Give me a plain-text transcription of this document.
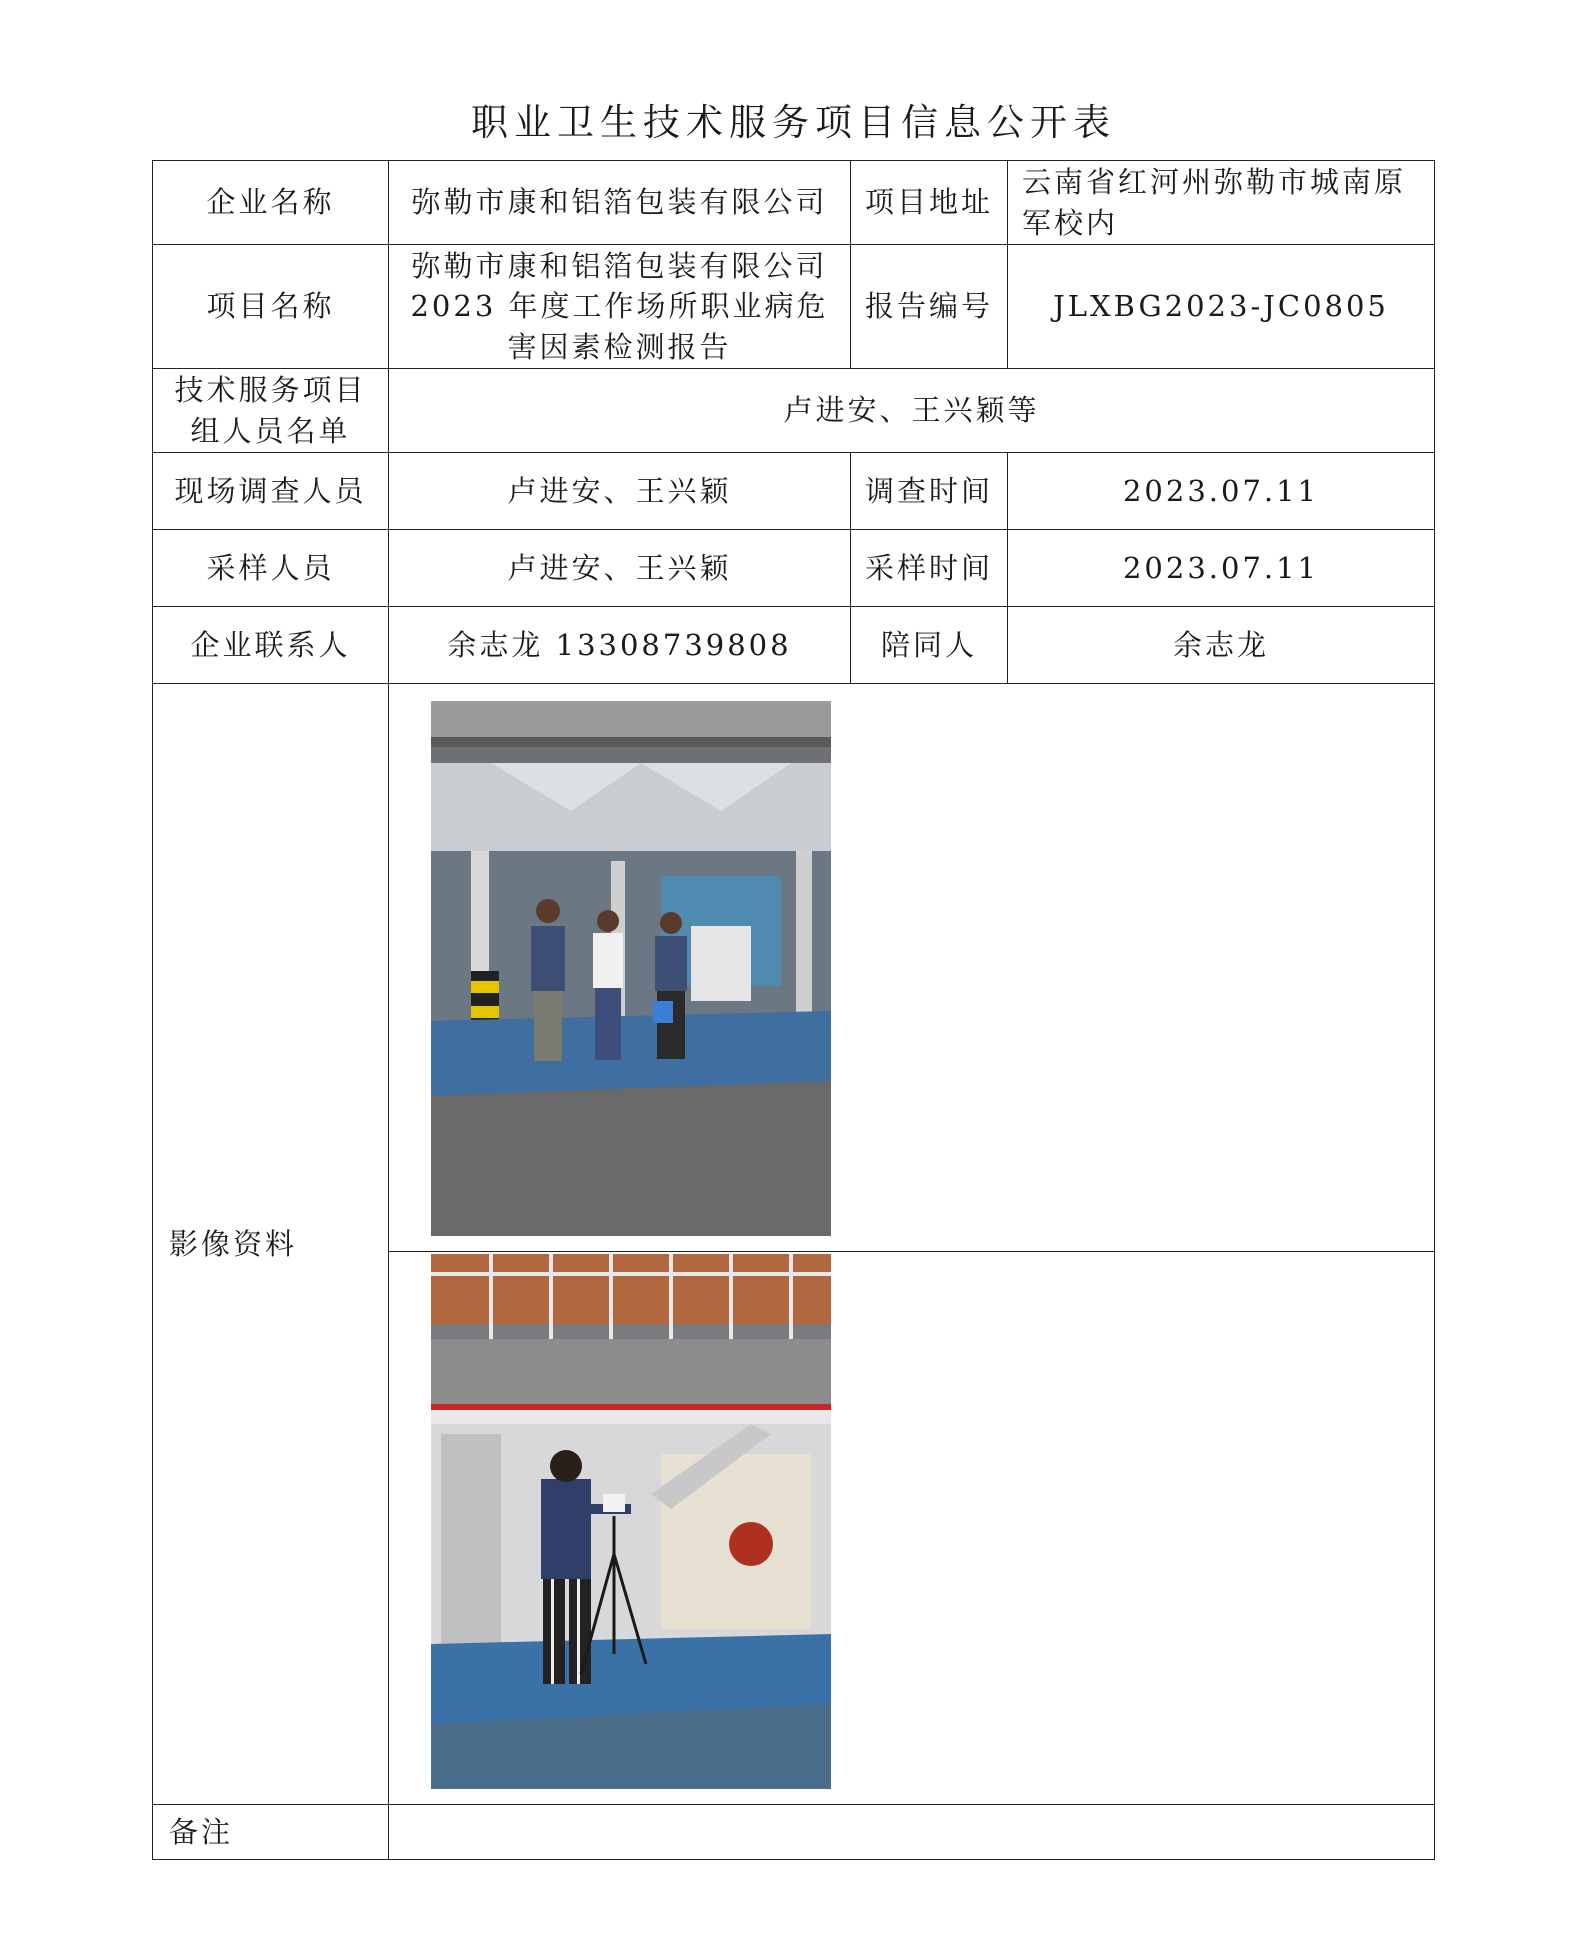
职业卫生技术服务项目信息公开表
企业名称	弥勒市康和铝箔包装有限公司	项目地址	云南省红河州弥勒市城南原军校内
项目名称	弥勒市康和铝箔包装有限公司2023 年度工作场所职业病危害因素检测报告	报告编号	JLXBG2023-JC0805
技术服务项目组人员名单	卢进安、王兴颖等		
现场调查人员	卢进安、王兴颖	调查时间	2023.07.11
采样人员	卢进安、王兴颖	采样时间	2023.07.11
企业联系人	余志龙 13308739808	陪同人	余志龙
影像资料	

备注			
